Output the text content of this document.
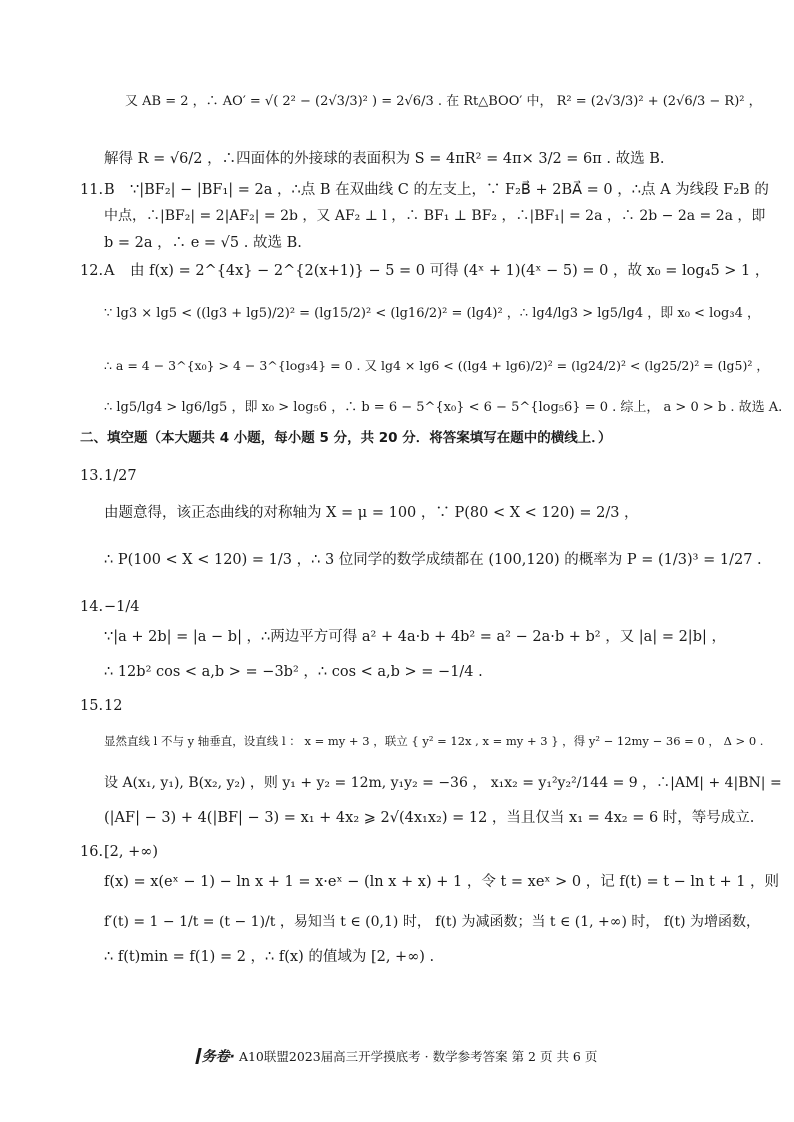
又 AB = 2 ，∴ AO′ = √( 2² − (2√3/3)² ) = 2√6/3 . 在 Rt△BOO′ 中， R² = (2√3/3)² + (2√6/3 − R)² ，
解得 R = √6/2 ，∴四面体的外接球的表面积为 S = 4πR² = 4π× 3/2 = 6π . 故选 B.
11. B ∵|BF₂| − |BF₁| = 2a ，∴点 B 在双曲线 C 的左支上，∵ F₂B⃗ + 2BA⃗ = 0 ，∴点 A 为线段 F₂B 的
中点，∴|BF₂| = 2|AF₂| = 2b ，又 AF₂ ⊥ l ，∴ BF₁ ⊥ BF₂ ，∴|BF₁| = 2a ，∴ 2b − 2a = 2a ，即
b = 2a ，∴ e = √5 . 故选 B.
12. A 由 f(x) = 2^{4x} − 2^{2(x+1)} − 5 = 0 可得 (4ˣ + 1)(4ˣ − 5) = 0 ，故 x₀ = log₄5 > 1 ，
∵ lg3 × lg5 < ((lg3 + lg5)/2)² = (lg15/2)² < (lg16/2)² = (lg4)² ，∴ lg4/lg3 > lg5/lg4 ，即 x₀ < log₃4 ，
∴ a = 4 − 3^{x₀} > 4 − 3^{log₃4} = 0 . 又 lg4 × lg6 < ((lg4 + lg6)/2)² = (lg24/2)² < (lg25/2)² = (lg5)² ，
∴ lg5/lg4 > lg6/lg5 ，即 x₀ > log₅6 ，∴ b = 6 − 5^{x₀} < 6 − 5^{log₅6} = 0 . 综上， a > 0 > b . 故选 A.
二、填空题（本大题共 4 小题，每小题 5 分，共 20 分．将答案填写在题中的横线上．）
13. 1/27
由题意得，该正态曲线的对称轴为 X = μ = 100 ，∵ P(80 < X < 120) = 2/3 ，
∴ P(100 < X < 120) = 1/3 ，∴ 3 位同学的数学成绩都在 (100,120) 的概率为 P = (1/3)³ = 1/27 .
14. −1/4
∵|a + 2b| = |a − b| ，∴两边平方可得 a² + 4a·b + 4b² = a² − 2a·b + b² ，又 |a| = 2|b| ，
∴ 12b² cos < a,b > = −3b² ，∴ cos < a,b > = −1/4 .
15. 12
显然直线 l 不与 y 轴垂直，设直线 l ： x = my + 3 ，联立 { y² = 12x , x = my + 3 } ，得 y² − 12my − 36 = 0 ， Δ > 0 .
设 A(x₁, y₁), B(x₂, y₂) ，则 y₁ + y₂ = 12m, y₁y₂ = −36 ， x₁x₂ = y₁²y₂²/144 = 9 ，∴|AM| + 4|BN| =
(|AF| − 3) + 4(|BF| − 3) = x₁ + 4x₂ ⩾ 2√(4x₁x₂) = 12 ，当且仅当 x₁ = 4x₂ = 6 时，等号成立.
16. [2, +∞)
f(x) = x(eˣ − 1) − ln x + 1 = x·eˣ − (ln x + x) + 1 ，令 t = xeˣ > 0 ，记 f(t) = t − ln t + 1 ，则
f′(t) = 1 − 1/t = (t − 1)/t ，易知当 t ∈ (0,1) 时， f(t) 为减函数；当 t ∈ (1, +∞) 时， f(t) 为增函数，
∴ f(t)min = f(1) = 2 ，∴ f(x) 的值域为 [2, +∞) .
务卷· A10联盟2023届高三开学摸底考 · 数学参考答案 第 2 页 共 6 页
